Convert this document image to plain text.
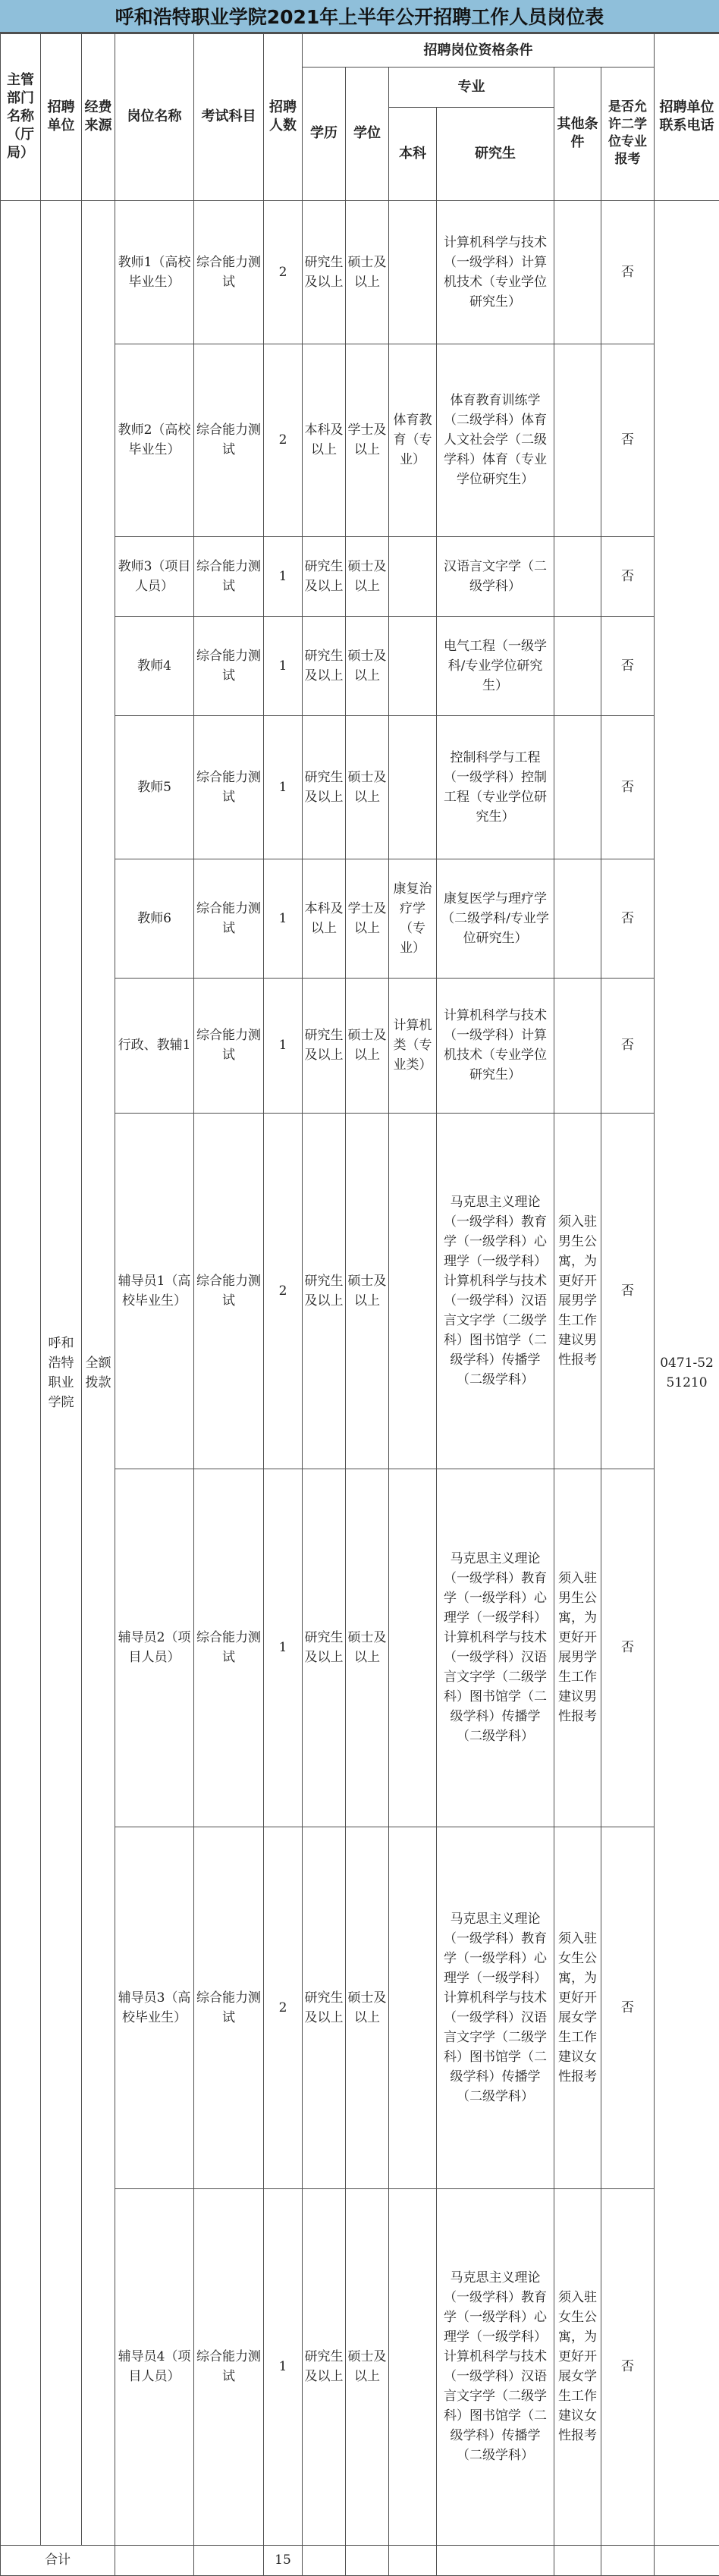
呼和浩特职业学院2021年上半年公开招聘工作人员岗位表
主管部门名称（厅局）	招聘单位	经费来源	岗位名称	考试科目	招聘人数	招聘岗位资格条件						招聘单位联系电话
						学历	学位	专业		其他条件	是否允许二学位专业报考	
								本科	研究生			
	呼和浩特职业学院	全额拨款	教师1（高校毕业生）	综合能力测试	2	研究生及以上	硕士及以上		计算机科学与技术（一级学科）计算机技术（专业学位研究生）		否	0471-5251210
			教师2（高校毕业生）	综合能力测试	2	本科及以上	学士及以上	体育教育（专业）	体育教育训练学（二级学科）体育人文社会学（二级学科）体育（专业学位研究生）		否	
			教师3（项目人员）	综合能力测试	1	研究生及以上	硕士及以上		汉语言文字学（二级学科）		否	
			教师4	综合能力测试	1	研究生及以上	硕士及以上		电气工程（一级学科/专业学位研究生）		否	
			教师5	综合能力测试	1	研究生及以上	硕士及以上		控制科学与工程（一级学科）控制工程（专业学位研究生）		否	
			教师6	综合能力测试	1	本科及以上	学士及以上	康复治疗学（专业）	康复医学与理疗学（二级学科/专业学位研究生）		否	
			行政、教辅1	综合能力测试	1	研究生及以上	硕士及以上	计算机类（专业类）	计算机科学与技术　（一级学科）计算机技术（专业学位研究生）		否	
			辅导员1（高校毕业生）	综合能力测试	2	研究生及以上	硕士及以上		马克思主义理论（一级学科）教育学（一级学科）心理学（一级学科）计算机科学与技术　（一级学科）汉语言文字学（二级学科）图书馆学（二级学科）传播学（二级学科）	须入驻男生公寓，为更好开展男学生工作建议男性报考	否	
			辅导员2（项目人员）	综合能力测试	1	研究生及以上	硕士及以上		马克思主义理论（一级学科）教育学（一级学科）心理学（一级学科）计算机科学与技术　（一级学科）汉语言文字学（二级学科）图书馆学（二级学科）传播学（二级学科）	须入驻男生公寓，为更好开展男学生工作建议男性报考	否	
			辅导员3（高校毕业生）	综合能力测试	2	研究生及以上	硕士及以上		马克思主义理论（一级学科）教育学（一级学科）心理学（一级学科）计算机科学与技术　（一级学科）汉语言文字学（二级学科）图书馆学（二级学科）传播学（二级学科）	须入驻女生公寓，为更好开展女学生工作建议女性报考	否	
			辅导员4（项目人员）	综合能力测试	1	研究生及以上	硕士及以上		马克思主义理论（一级学科）教育学（一级学科）心理学（一级学科）计算机科学与技术　（一级学科）汉语言文字学（二级学科）图书馆学（二级学科）传播学（二级学科）	须入驻女生公寓，为更好开展女学生工作建议女性报考	否	
合计					15							
